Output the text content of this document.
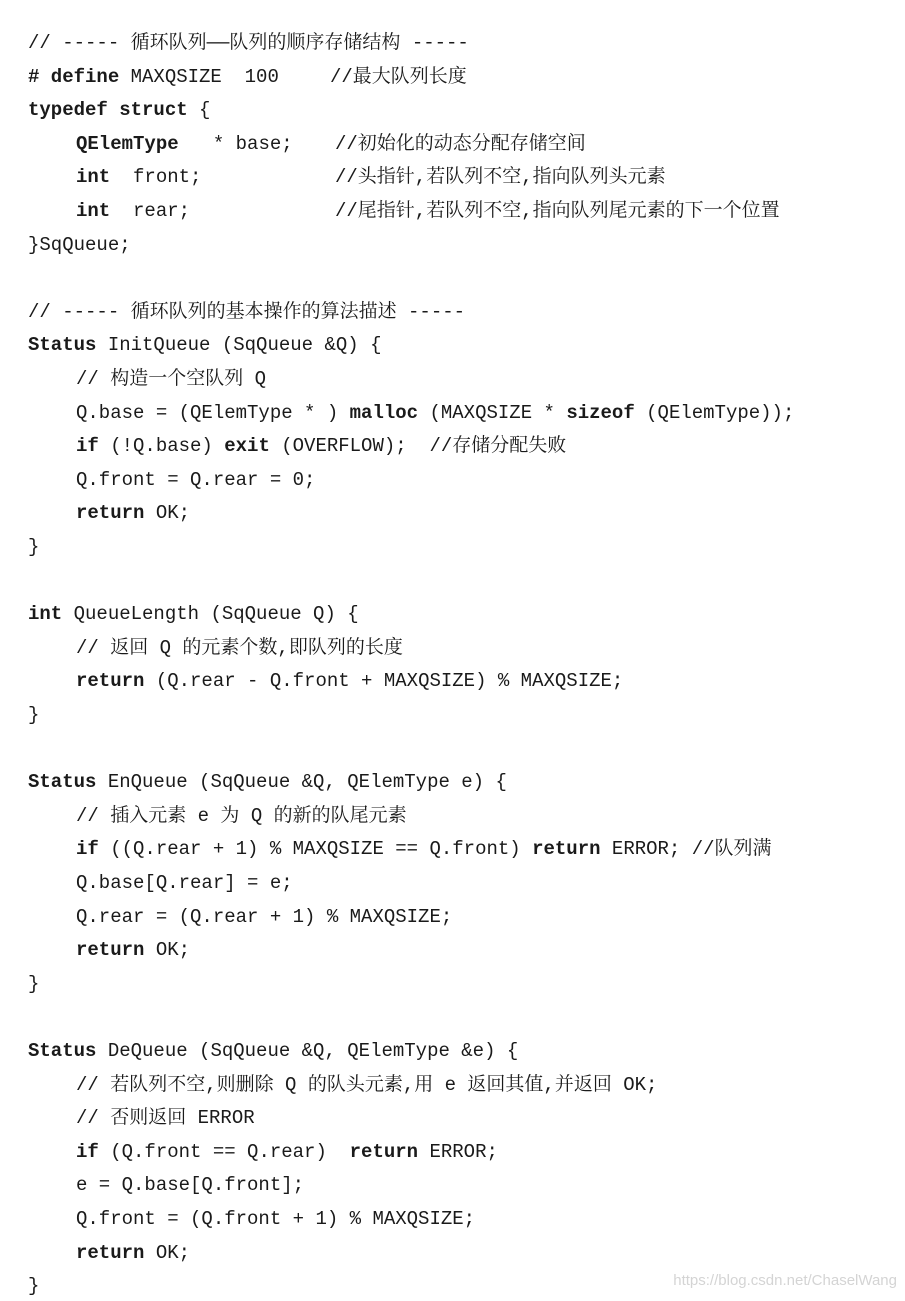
// ----- 循环队列——队列的顺序存储结构 -----
# define MAXQSIZE  100	//最大队列长度
typedef struct {
QElemType   * base; //初始化的动态分配存储空间
int  front;	//头指针,若队列不空,指向队列头元素
int  rear;	//尾指针,若队列不空,指向队列尾元素的下一个位置
}SqQueue;
// ----- 循环队列的基本操作的算法描述 -----
Status InitQueue (SqQueue &Q) {
// 构造一个空队列 Q
Q.base = (QElemType * ) malloc (MAXQSIZE * sizeof (QElemType));
if (!Q.base) exit (OVERFLOW);  //存储分配失败
Q.front = Q.rear = 0;
return OK;
}
int QueueLength (SqQueue Q) {
// 返回 Q 的元素个数,即队列的长度
return (Q.rear - Q.front + MAXQSIZE) % MAXQSIZE;
}
Status EnQueue (SqQueue &Q, QElemType e) {
// 插入元素 e 为 Q 的新的队尾元素
if ((Q.rear + 1) % MAXQSIZE == Q.front) return ERROR; //队列满
Q.base[Q.rear] = e;
Q.rear = (Q.rear + 1) % MAXQSIZE;
return OK;
}
Status DeQueue (SqQueue &Q, QElemType &e) {
// 若队列不空,则删除 Q 的队头元素,用 e 返回其值,并返回 OK;
// 否则返回 ERROR
if (Q.front == Q.rear)  return ERROR;
e = Q.base[Q.front];
Q.front = (Q.front + 1) % MAXQSIZE;
return OK;
}	https://blog.csdn.net/ChaselWang
